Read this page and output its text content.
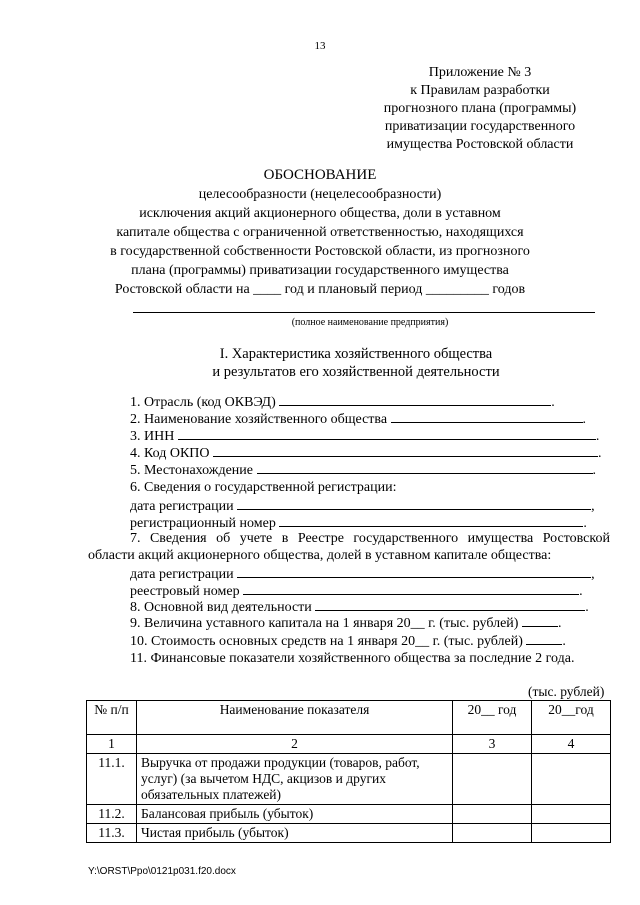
13
Приложение № 3
к Правилам разработки
прогнозного плана (программы)
приватизации государственного
имущества Ростовской области
ОБОСНОВАНИЕ
целесообразности (нецелесообразности)
исключения акций акционерного общества, доли в уставном
капитале общества с ограниченной ответственностью, находящихся
в государственной собственности Ростовской области, из прогнозного
плана (программы) приватизации государственного имущества
Ростовской области на ____ год и плановый период _________ годов
(полное наименование предприятия)
I. Характеристика хозяйственного общества
и результатов его хозяйственной деятельности
1. Отрасль (код ОКВЭД)	.
2. Наименование хозяйственного общества	.
3. ИНН	.
4. Код ОКПО	.
5. Местонахождение	.
6. Сведения о государственной регистрации:
дата регистрации	,
регистрационный номер	.
7. Сведения об учете в Реестре государственного имущества Ростовской
области акций акционерного общества, долей в уставном капитале общества:
дата регистрации	,
реестровый номер	.
8. Основной вид деятельности	.
9. Величина уставного капитала на 1 января 20__ г. (тыс. рублей)	.
10. Стоимость основных средств на 1 января 20__ г. (тыс. рублей)	.
11. Финансовые показатели хозяйственного общества за последние 2 года.
(тыс. рублей)
№ п/п	Наименование показателя	20__ год	20__год
1	2	3	4
11.1.	Выручка от продажи продукции (товаров, работ, услуг) (за вычетом НДС, акцизов и других обязательных платежей)		
11.2.	Балансовая прибыль (убыток)		
11.3.	Чистая прибыль (убыток)		
Y:\ORST\Ppo\0121p031.f20.docx
